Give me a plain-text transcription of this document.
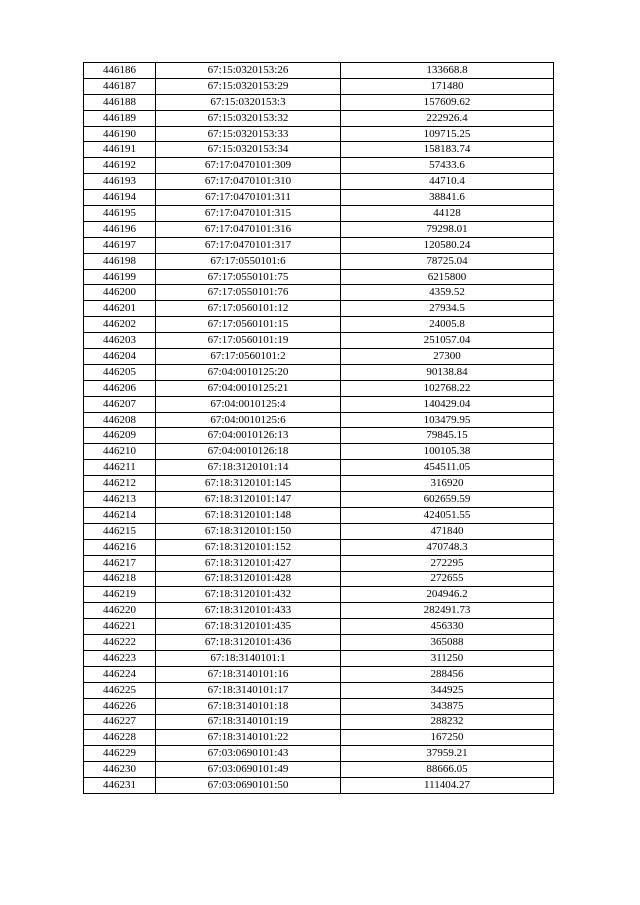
446186	67:15:0320153:26	133668.8
446187	67:15:0320153:29	171480
446188	67:15:0320153:3	157609.62
446189	67:15:0320153:32	222926.4
446190	67:15:0320153:33	109715.25
446191	67:15:0320153:34	158183.74
446192	67:17:0470101:309	57433.6
446193	67:17:0470101:310	44710.4
446194	67:17:0470101:311	38841.6
446195	67:17:0470101:315	44128
446196	67:17:0470101:316	79298.01
446197	67:17:0470101:317	120580.24
446198	67:17:0550101:6	78725.04
446199	67:17:0550101:75	6215800
446200	67:17:0550101:76	4359.52
446201	67:17:0560101:12	27934.5
446202	67:17:0560101:15	24005.8
446203	67:17:0560101:19	251057.04
446204	67:17:0560101:2	27300
446205	67:04:0010125:20	90138.84
446206	67:04:0010125:21	102768.22
446207	67:04:0010125:4	140429.04
446208	67:04:0010125:6	103479.95
446209	67:04:0010126:13	79845.15
446210	67:04:0010126:18	100105.38
446211	67:18:3120101:14	454511.05
446212	67:18:3120101:145	316920
446213	67:18:3120101:147	602659.59
446214	67:18:3120101:148	424051.55
446215	67:18:3120101:150	471840
446216	67:18:3120101:152	470748.3
446217	67:18:3120101:427	272295
446218	67:18:3120101:428	272655
446219	67:18:3120101:432	204946.2
446220	67:18:3120101:433	282491.73
446221	67:18:3120101:435	456330
446222	67:18:3120101:436	365088
446223	67:18:3140101:1	311250
446224	67:18:3140101:16	288456
446225	67:18:3140101:17	344925
446226	67:18:3140101:18	343875
446227	67:18:3140101:19	288232
446228	67:18:3140101:22	167250
446229	67:03:0690101:43	37959.21
446230	67:03:0690101:49	88666.05
446231	67:03:0690101:50	111404.27
